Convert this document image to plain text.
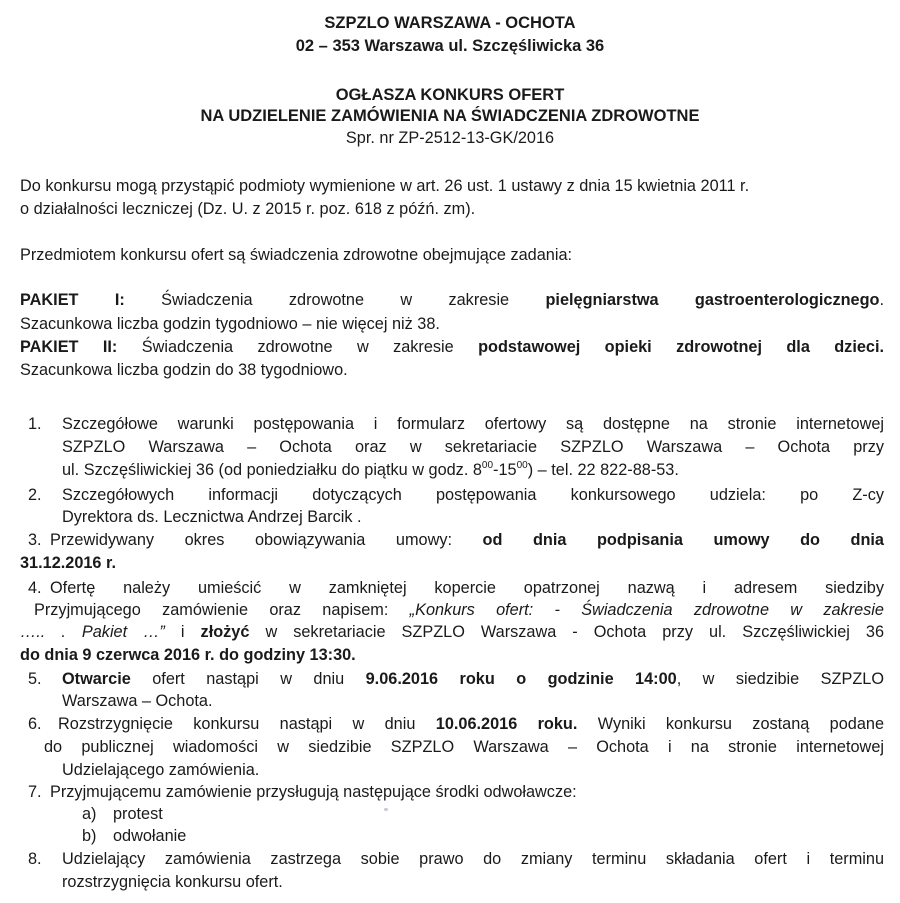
SZPZLO WARSZAWA - OCHOTA
02 – 353 Warszawa ul. Szczęśliwicka 36
OGŁASZA KONKURS OFERT
NA UDZIELENIE ZAMÓWIENIA NA ŚWIADCZENIA ZDROWOTNE
Spr. nr ZP-2512-13-GK/2016
Do konkursu mogą przystąpić podmioty wymienione w art. 26 ust. 1 ustawy z dnia 15 kwietnia 2011 r.
o działalności leczniczej (Dz. U. z 2015 r. poz. 618 z późń. zm).
Przedmiotem konkursu ofert są świadczenia zdrowotne obejmujące zadania:
PAKIET I: Świadczenia zdrowotne w zakresie pielęgniarstwa gastroenterologicznego.
Szacunkowa liczba godzin tygodniowo – nie więcej niż 38.
PAKIET II: Świadczenia zdrowotne w zakresie podstawowej opieki zdrowotnej dla dzieci.
Szacunkowa liczba godzin do 38 tygodniowo.
1. Szczegółowe warunki postępowania i formularz ofertowy są dostępne na stronie internetowej
SZPZLO Warszawa – Ochota oraz w sekretariacie SZPZLO Warszawa – Ochota przy
ul. Szczęśliwickiej 36 (od poniedziałku do piątku w godz. $8^{00}-15^{00}$) – tel. 22 822-88-53.
2. Szczegółowych informacji dotyczących postępowania konkursowego udziela: po Z-cy
Dyrektora ds. Lecznictwa Andrzej Barcik .
3. Przewidywany okres obowiązywania umowy: od dnia podpisania umowy do dnia
31.12.2016 r.
4. Ofertę należy umieścić w zamkniętej kopercie opatrzonej nazwą i adresem siedziby
Przyjmującego zamówienie oraz napisem: „Konkurs ofert: - Świadczenia zdrowotne w zakresie
….. . Pakiet …” i złożyć w sekretariacie SZPZLO Warszawa - Ochota przy ul. Szczęśliwickiej 36
do dnia 9 czerwca 2016 r. do godziny 13:30.
5. Otwarcie ofert nastąpi w dniu 9.06.2016 roku o godzinie 14:00, w siedzibie SZPZLO
Warszawa – Ochota.
6. Rozstrzygnięcie konkursu nastąpi w dniu 10.06.2016 roku. Wyniki konkursu zostaną podane
do publicznej wiadomości w siedzibie SZPZLO Warszawa – Ochota i na stronie internetowej
Udzielającego zamówienia.
7. Przyjmującemu zamówienie przysługują następujące środki odwoławcze:
a) protest
b) odwołanie
8. Udzielający zamówienia zastrzega sobie prawo do zmiany terminu składania ofert i terminu
rozstrzygnięcia konkursu ofert.
